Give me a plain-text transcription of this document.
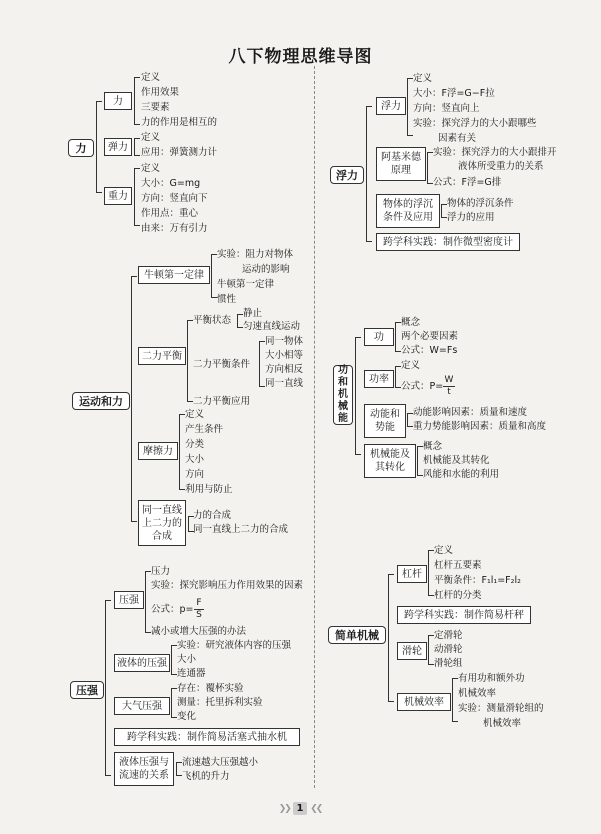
八下物理思维导图
力
力
定义
作用效果
三要素
力的作用是相互的
弹力
定义
应用：弹簧测力计
重力
定义
大小：G=mg
方向：竖直向下
作用点：重心
由来：万有引力
运动和力
牛顿第一定律
实验：阻力对物体
运动的影响
牛顿第一定律
惯性
二力平衡
平衡状态
静止
匀速直线运动
二力平衡条件
同一物体
大小相等
方向相反
同一直线
二力平衡应用
摩擦力
定义
产生条件
分类
大小
方向
利用与防止
同一直线上二力的合成
力的合成
同一直线上二力的合成
压强
压强
压力
实验：探究影响压力作用效果的因素
公式：p=
F
S
减小或增大压强的办法
液体的压强
实验：研究液体内容的压强
大小
连通器
大气压强
存在：覆杯实验
测量：托里拆利实验
变化
跨学科实践：制作简易活塞式抽水机
液体压强与流速的关系
流速越大压强越小
飞机的升力
浮力
浮力
定义
大小：F浮=G−F拉
方向：竖直向上
实验：探究浮力的大小跟哪些
因素有关
阿基米德原理
实验：探究浮力的大小跟排开
液体所受重力的关系
公式：F浮=G排
物体的浮沉条件及应用
物体的浮沉条件
浮力的应用
跨学科实践：制作微型密度计
功和机械能
功
概念
两个必要因素
公式：W=Fs
功率
定义
公式：P=
W
t
动能和势能
动能影响因素：质量和速度
重力势能影响因素：质量和高度
机械能及其转化
概念
机械能及其转化
风能和水能的利用
简单机械
杠杆
定义
杠杆五要素
平衡条件：F₁l₁=F₂l₂
杠杆的分类
跨学科实践：制作简易杆秤
滑轮
定滑轮
动滑轮
滑轮组
机械效率
有用功和额外功
机械效率
实验：测量滑轮组的
机械效率
❯❯ 1 ❮❮
